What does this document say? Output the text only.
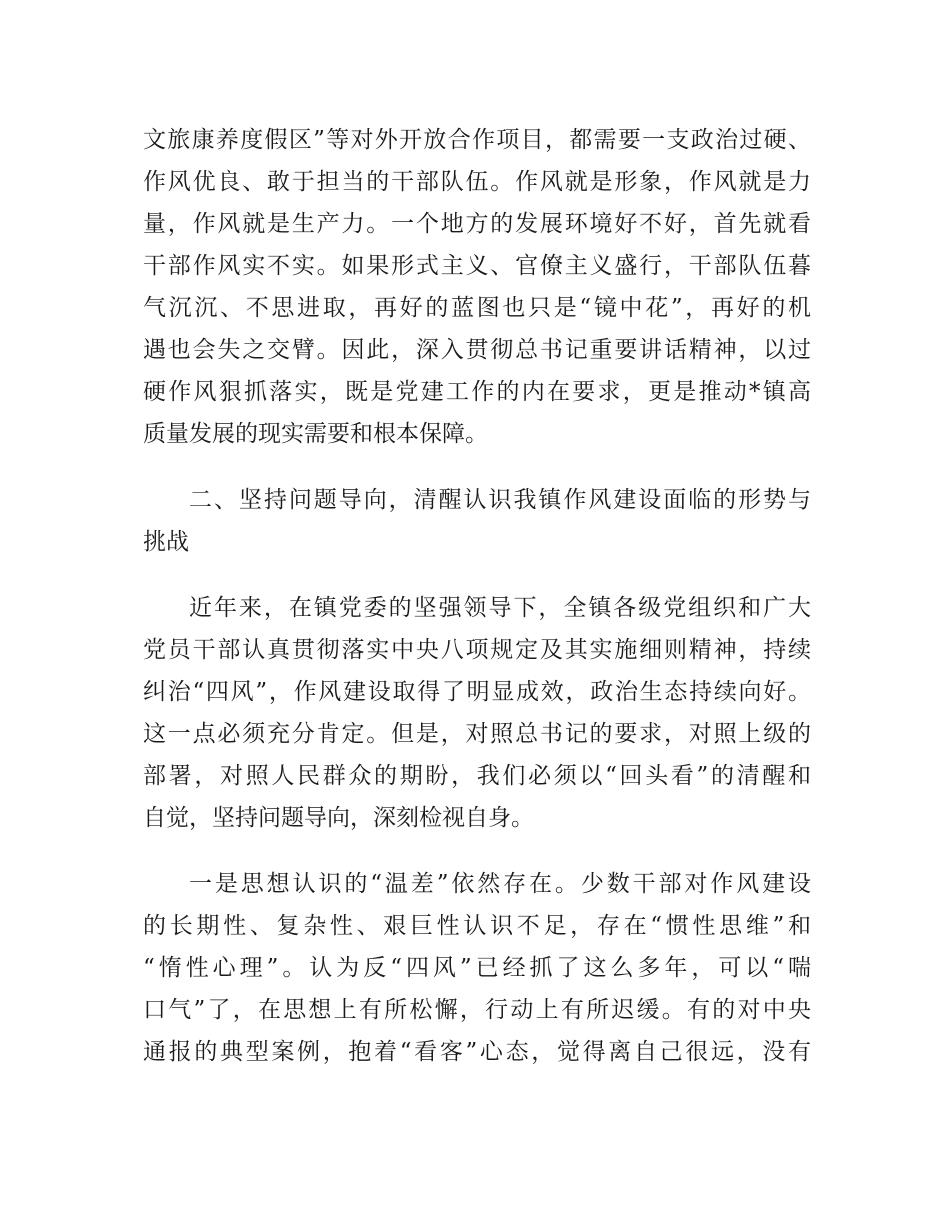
文旅康养度假区”等对外开放合作项目，都需要一支政治过硬、
作风优良、敢于担当的干部队伍。作风就是形象，作风就是力
量，作风就是生产力。一个地方的发展环境好不好，首先就看
干部作风实不实。如果形式主义、官僚主义盛行，干部队伍暮
气沉沉、不思进取，再好的蓝图也只是“镜中花”，再好的机
遇也会失之交臂。因此，深入贯彻总书记重要讲话精神，以过
硬作风狠抓落实，既是党建工作的内在要求，更是推动*镇高
质量发展的现实需要和根本保障。
二、坚持问题导向，清醒认识我镇作风建设面临的形势与
挑战
近年来，在镇党委的坚强领导下，全镇各级党组织和广大
党员干部认真贯彻落实中央八项规定及其实施细则精神，持续
纠治“四风”，作风建设取得了明显成效，政治生态持续向好。
这一点必须充分肯定。但是，对照总书记的要求，对照上级的
部署，对照人民群众的期盼，我们必须以“回头看”的清醒和
自觉，坚持问题导向，深刻检视自身。
一是思想认识的“温差”依然存在。少数干部对作风建设
的长期性、复杂性、艰巨性认识不足，存在“惯性思维”和
“惰性心理”。认为反“四风”已经抓了这么多年，可以“喘
口气”了，在思想上有所松懈，行动上有所迟缓。有的对中央
通报的典型案例，抱着“看客”心态，觉得离自己很远，没有
